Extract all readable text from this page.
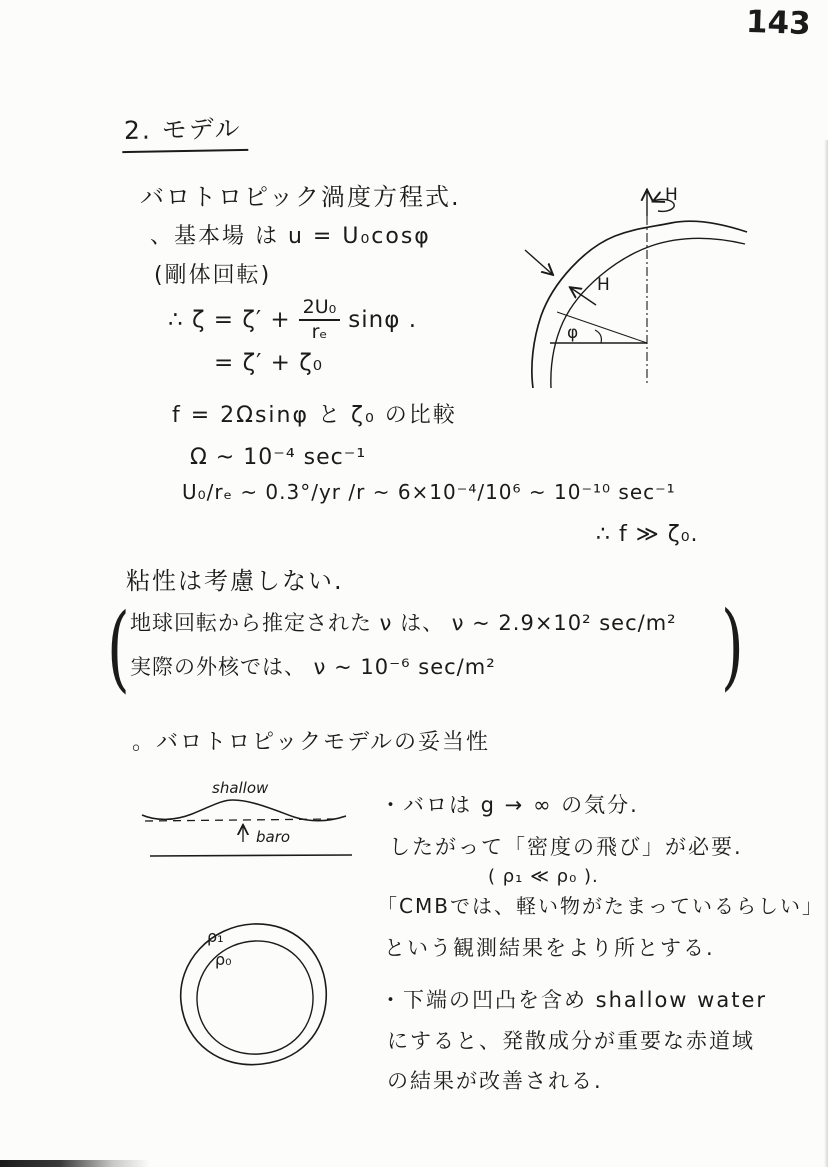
143
2. モデル
バロトロピック渦度方程式.
、基本場 は u = U₀cosφ
(剛体回転)
∴ $\zeta = \zeta' + \frac{\text{2U₀}}{\text{rₑ}}$ sinφ .
= ζ′ + ζ₀
H
H
φ
f = 2Ωsinφ と ζ₀ の比較
Ω ~ 10⁻⁴ sec⁻¹
U₀/rₑ ~ 0.3°/yr /r ~ 6×10⁻⁴/10⁶ ~ 10⁻¹⁰ sec⁻¹
∴ f ≫ ζ₀.
粘性は考慮しない.
( 地球回転から推定された ν は、 ν ~ 2.9×10² sec/m²
実際の外核では、 ν ~ 10⁻⁶ sec/m² )
。バロトロピックモデルの妥当性
shallow
baro
・バロは g → ∞ の気分.
したがって「密度の飛び」が必要.
( ρ₁ ≪ ρ₀ ).
「CMBでは、軽い物がたまっているらしい」
という観測結果をより所とする.
ρ₁
ρ₀
・下端の凹凸を含め shallow water
にすると、発散成分が重要な赤道域
の結果が改善される.
